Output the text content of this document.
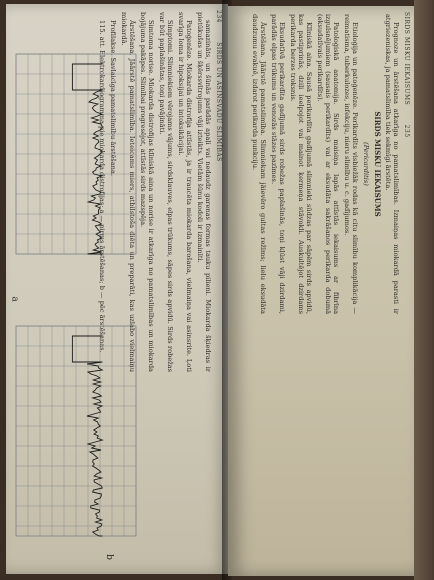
234        SIRDS UN ASINSVADU SLIMĪBAS

samazināts, un šūnās parādās apaļi vai nedaudz garenas formas tauku pilieni. Miokarda šķiedras ir pietūkušas un šķērssvītrojums vāji izteikts. Vietām šūnu kodoli ir izmainīti.

Patoģenēze. Miokarda distrofija attīstās, ja ir traucēta miokarda barošana, vielmaiņa vai asinsrite. Ļoti svarīga loma ir hipoksijai un intoksikācijai.

Simptomi. Slimniekiem vērojams vājums, sirdsklauves, elpas trūkums, sāpes sirds apvidū. Sirds robežas var būt paplašinātas, toņi pavājināti.

Simtoma norise. Miokarda distrofijas klīniskā aina un norise ir atkarīga no pamatslimības un miokarda bojājuma pakāpes. Slimībai progresējot, attīstās sirds mazspēja.

Ārstēšana. Jāārstē pamatslimība. Ieteicams miers, atbilstoša diēta un preparāti, kas uzlabo vielmaiņu miokardā.

Profilakse. Savlaicīga pamatslimību ārstēšana.

115. att. Elektrokardiogramma pie miokarda distrofijas: a — pirms ārstēšanas; b — pēc ārstēšanas.

a
b
SIRDS MISKU IEKAISUMS        235

Prognoze un ārstēšana atkarīga no pamatslimības. Izmaiņas miokardā parasti ir atgriezeniskas, ja pamatslimība tiek sekmīgi ārstēta.

SIRDS MISKU IEKAISUMS

(Pericarditis)

Etioloģija un patoģenēze. Perikardīts visbiežāk rodas kā citu slimību komplikācija — reimatisma, tuberkulozes, infekciju, nieru slimību u. c. gadījumos.

Patoloģiskā anatomija. Sirds maisiņa lapās attīstās iekaisums ar fibrīna izgulsnējumiem (sausais perikardīts) vai ar eksudāta sakrāšanos perikarda dobumā (eksudatīvais perikardīts).

Klīniskā aina. Sausā perikardīta gadījumā slimnieki sūdzas par sāpēm sirds apvidū, kas pastiprinās, dziļi ieelpojot vai mainot ķermeņa stāvokli. Auskultējot dzirdams perikarda berzes troksnis.

Eksudatīvā perikardīta gadījumā sirds robežas paplašinās, toņi kļūst vāji dzirdami, parādās elpas trūkums un venozās stāzes pazīmes.

Ārstēšana. Jāārstē pamatslimība. Slimniekam jāievēro gultas režīms; lielu eksudāta daudzumu evakuē, izdarot perikarda punkciju.
